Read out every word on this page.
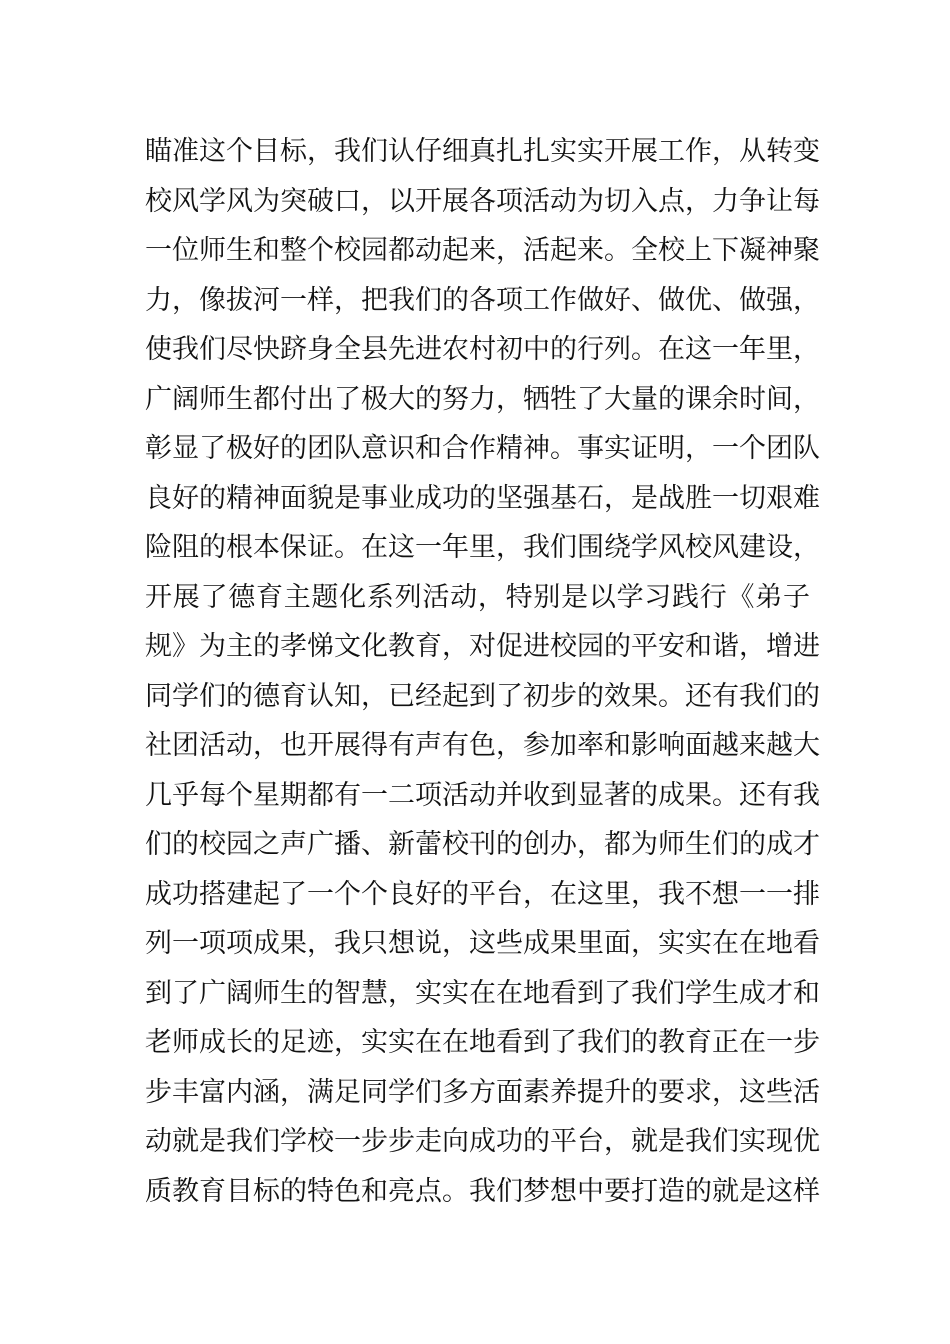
瞄准这个目标，我们认仔细真扎扎实实开展工作，从转变
校风学风为突破口，以开展各项活动为切入点，力争让每
一位师生和整个校园都动起来，活起来。全校上下凝神聚
力，像拔河一样，把我们的各项工作做好、做优、做强，
使我们尽快跻身全县先进农村初中的行列。在这一年里，
广阔师生都付出了极大的努力，牺牲了大量的课余时间，
彰显了极好的团队意识和合作精神。事实证明，一个团队
良好的精神面貌是事业成功的坚强基石，是战胜一切艰难
险阻的根本保证。在这一年里，我们围绕学风校风建设，
开展了德育主题化系列活动，特别是以学习践行《弟子
规》为主的孝悌文化教育，对促进校园的平安和谐，增进
同学们的德育认知，已经起到了初步的效果。还有我们的
社团活动，也开展得有声有色，参加率和影响面越来越大
几乎每个星期都有一二项活动并收到显著的成果。还有我
们的校园之声广播、新蕾校刊的创办，都为师生们的成才
成功搭建起了一个个良好的平台，在这里，我不想一一排
列一项项成果，我只想说，这些成果里面，实实在在地看
到了广阔师生的智慧，实实在在地看到了我们学生成才和
老师成长的足迹，实实在在地看到了我们的教育正在一步
步丰富内涵，满足同学们多方面素养提升的要求，这些活
动就是我们学校一步步走向成功的平台，就是我们实现优
质教育目标的特色和亮点。我们梦想中要打造的就是这样
